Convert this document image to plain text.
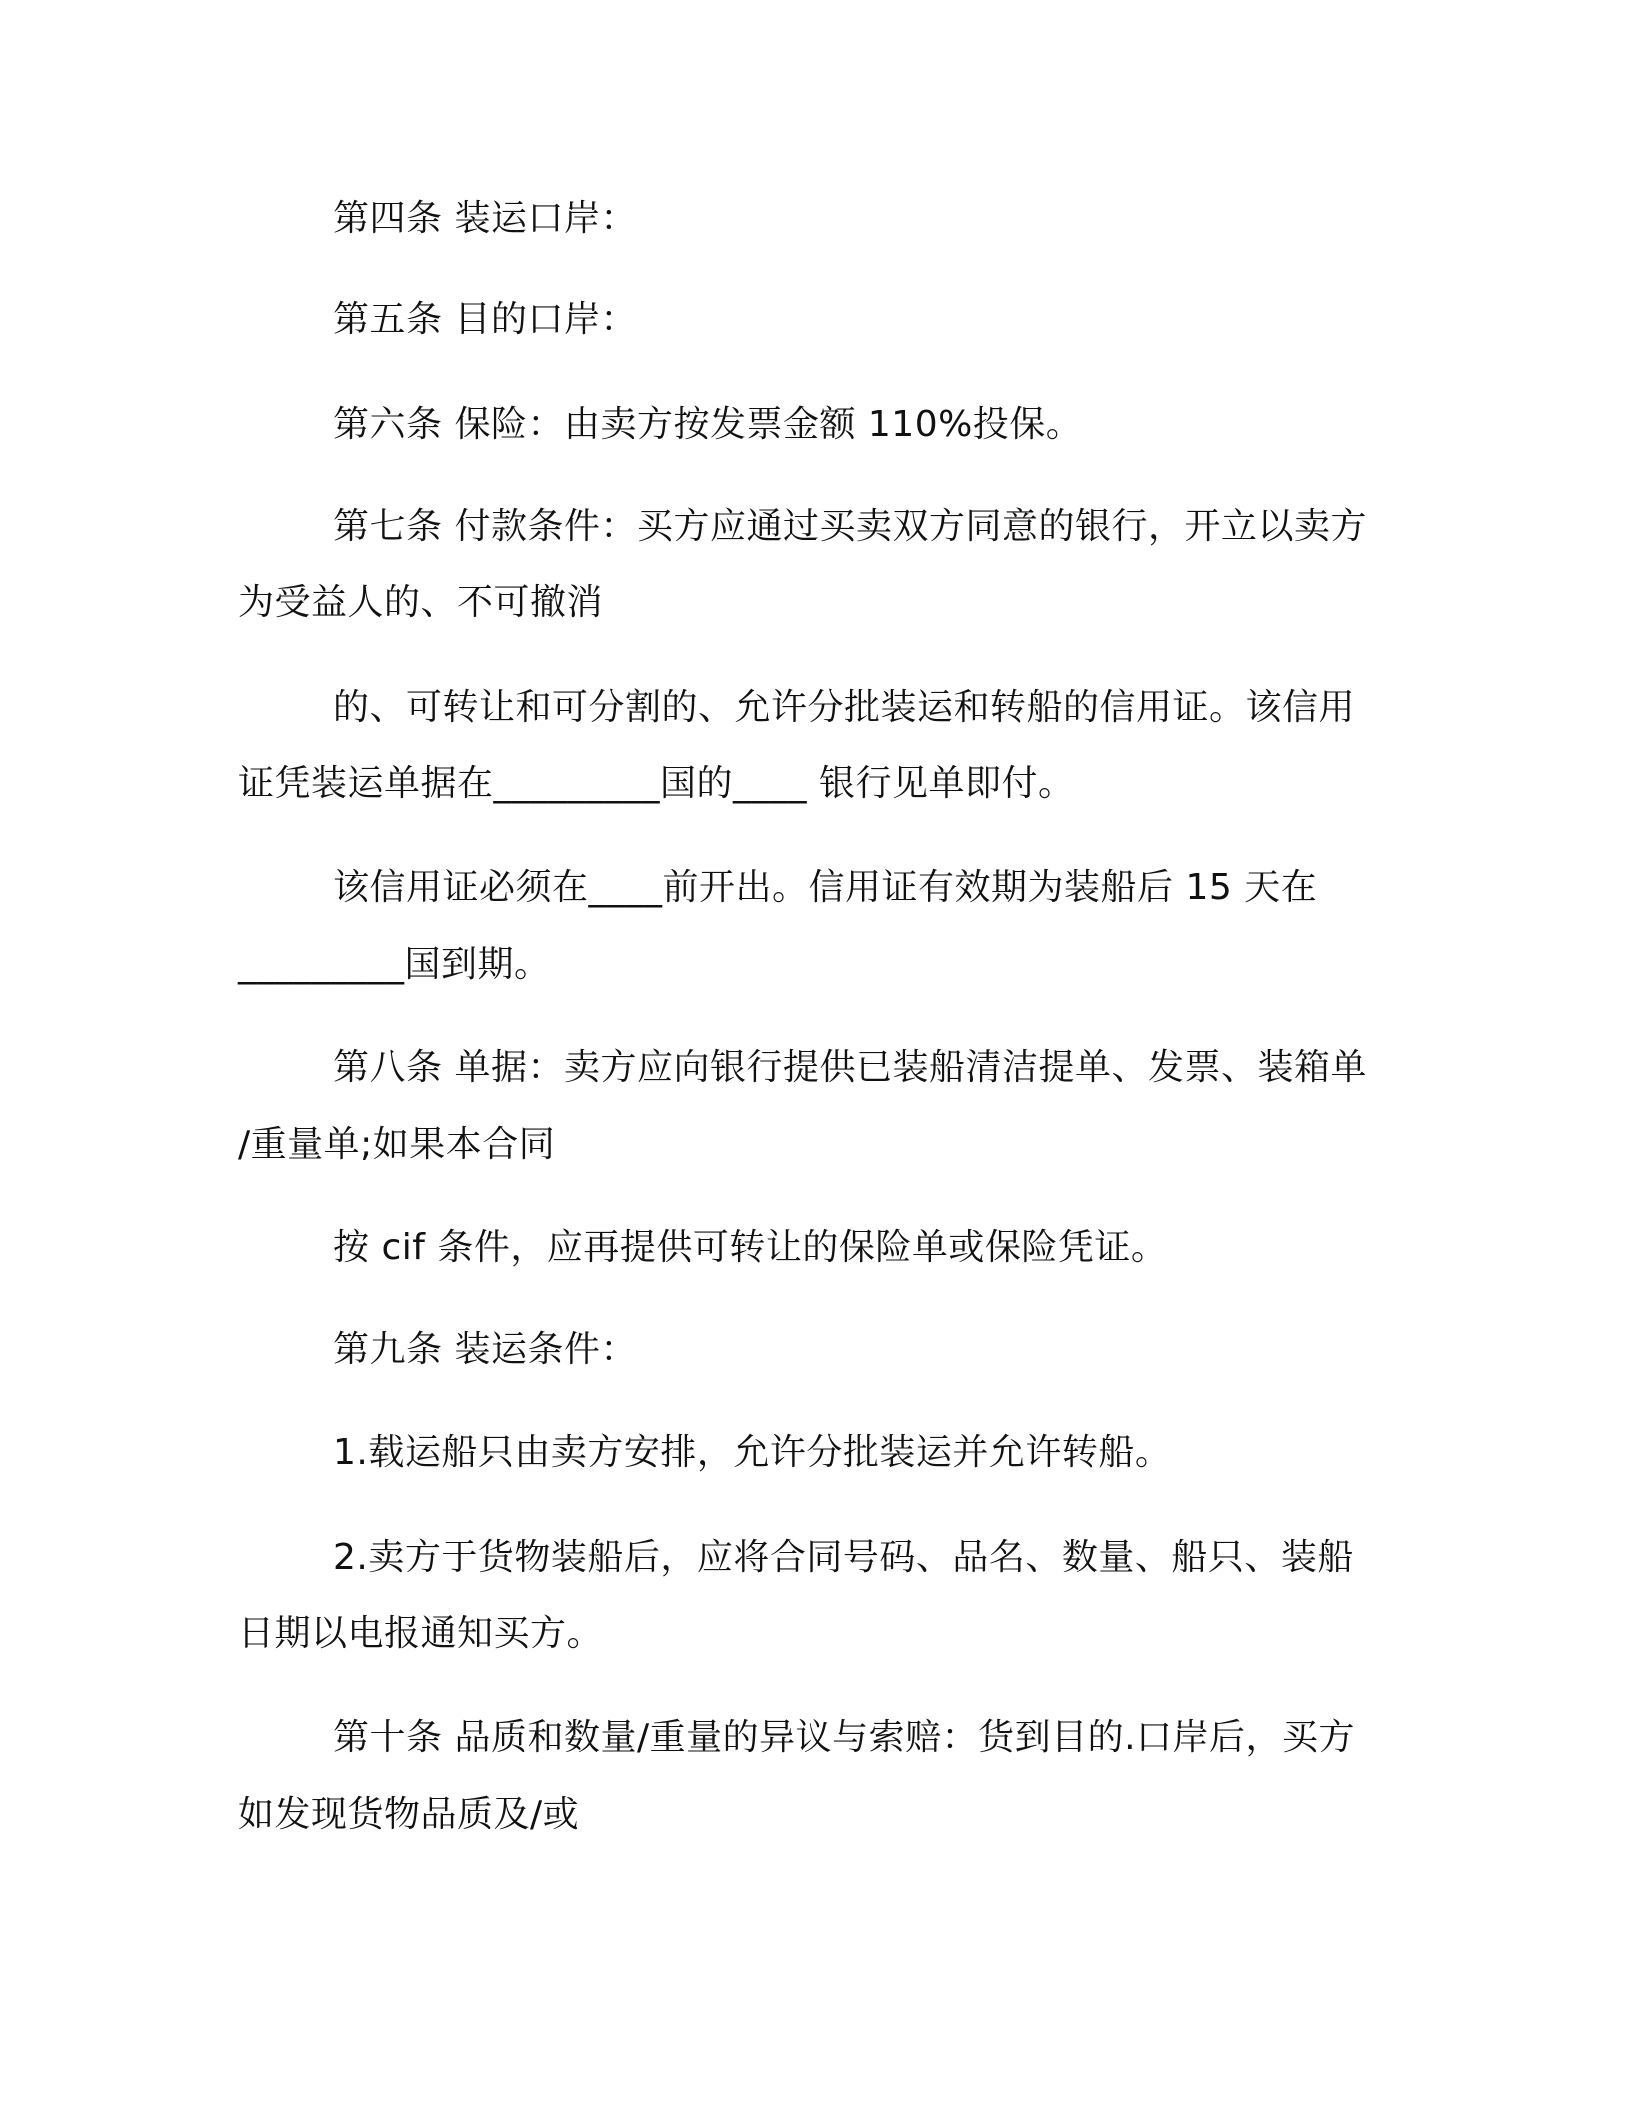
第四条 装运口岸：
第五条 目的口岸：
第六条 保险：由卖方按发票金额 110%投保。
第七条 付款条件：买方应通过买卖双方同意的银行，开立以卖方
为受益人的、不可撤消
的、可转让和可分割的、允许分批装运和转船的信用证。该信用
证凭装运单据在_________国的____ 银行见单即付。
该信用证必须在____前开出。信用证有效期为装船后 15 天在
_________国到期。
第八条 单据：卖方应向银行提供已装船清洁提单、发票、装箱单
/重量单;如果本合同
按 cif 条件，应再提供可转让的保险单或保险凭证。
第九条 装运条件：
1.载运船只由卖方安排，允许分批装运并允许转船。
2.卖方于货物装船后，应将合同号码、品名、数量、船只、装船
日期以电报通知买方。
第十条 品质和数量/重量的异议与索赔：货到目的.口岸后，买方
如发现货物品质及/或
